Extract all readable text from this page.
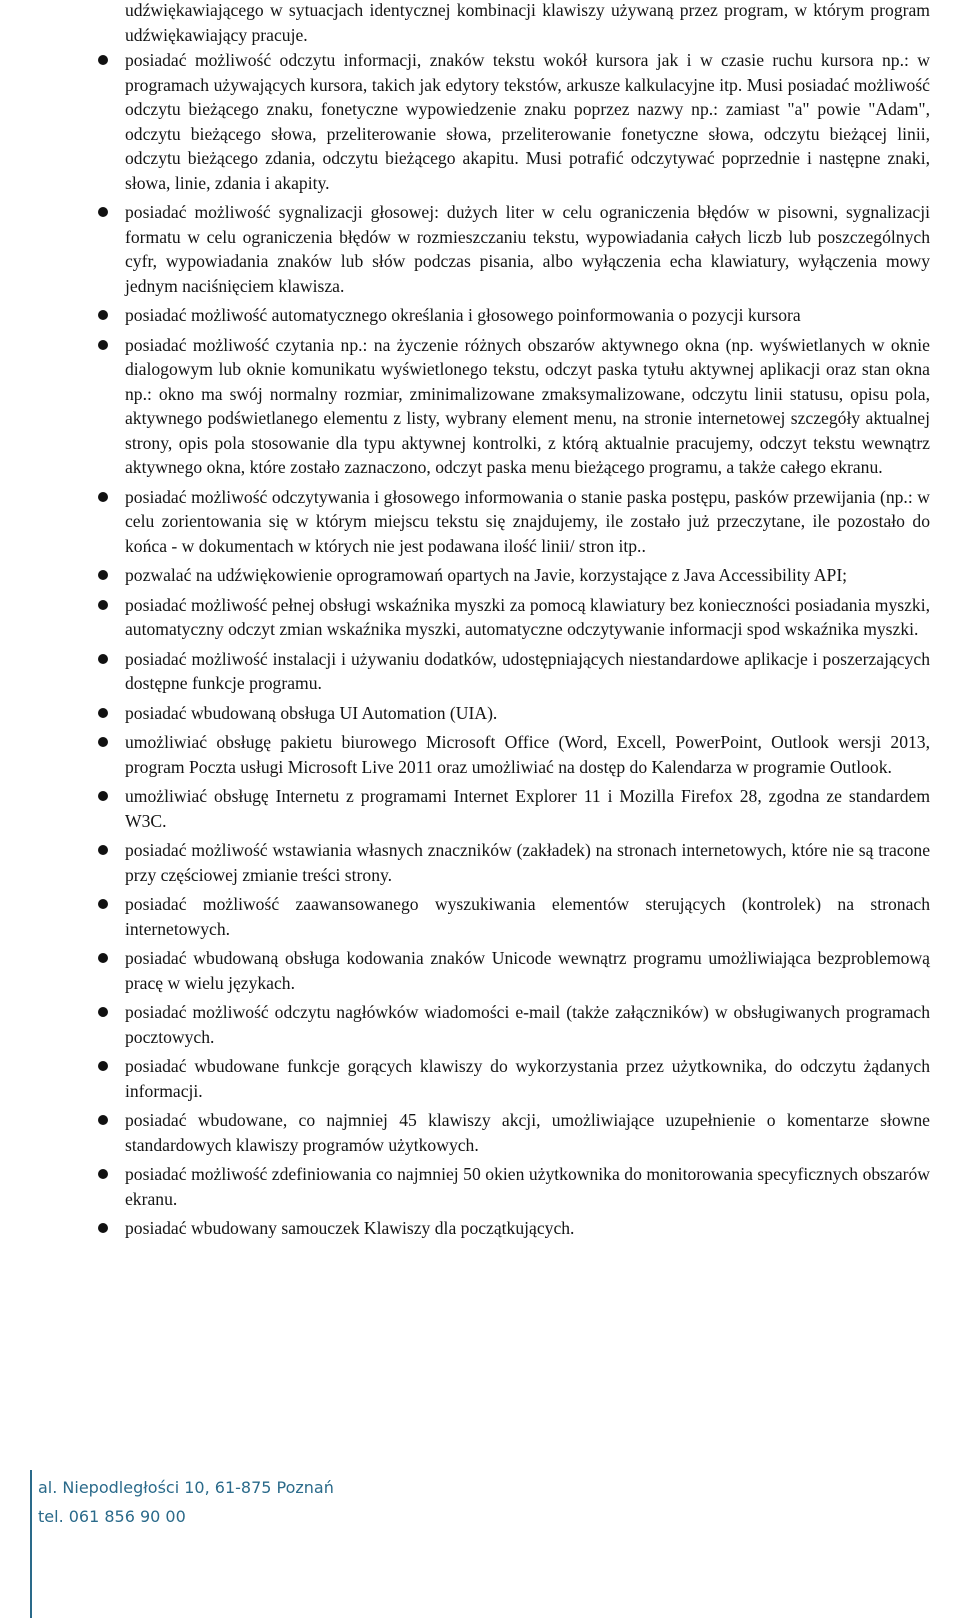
udźwiękawiającego w sytuacjach identycznej kombinacji klawiszy używaną przez program, w którym program udźwiękawiający pracuje.

posiadać możliwość odczytu informacji, znaków tekstu wokół kursora jak i w czasie ruchu kursora np.: w programach używających kursora, takich jak edytory tekstów, arkusze kalkulacyjne itp. Musi posiadać możliwość odczytu bieżącego znaku, fonetyczne wypowiedzenie znaku poprzez nazwy np.: zamiast "a" powie "Adam", odczytu bieżącego słowa, przeliterowanie słowa, przeliterowanie fonetyczne słowa, odczytu bieżącej linii, odczytu bieżącego zdania, odczytu bieżącego akapitu. Musi potrafić odczytywać poprzednie i następne znaki, słowa, linie, zdania i akapity.
posiadać możliwość sygnalizacji głosowej: dużych liter w celu ograniczenia błędów w pisowni, sygnalizacji formatu w celu ograniczenia błędów w rozmieszczaniu tekstu, wypowiadania całych liczb lub poszczególnych cyfr, wypowiadania znaków lub słów podczas pisania, albo wyłączenia echa klawiatury, wyłączenia mowy jednym naciśnięciem klawisza.
posiadać możliwość automatycznego określania i głosowego poinformowania o pozycji kursora
posiadać możliwość czytania np.: na życzenie różnych obszarów aktywnego okna (np. wyświetlanych w oknie dialogowym lub oknie komunikatu wyświetlonego tekstu, odczyt paska tytułu aktywnej aplikacji oraz stan okna np.: okno ma swój normalny rozmiar, zminimalizowane zmaksymalizowane, odczytu linii statusu, opisu pola, aktywnego podświetlanego elementu z listy, wybrany element menu, na stronie internetowej szczegóły aktualnej strony, opis pola stosowanie dla typu aktywnej kontrolki, z którą aktualnie pracujemy, odczyt tekstu wewnątrz aktywnego okna, które zostało zaznaczono, odczyt paska menu bieżącego programu, a także całego ekranu.
posiadać możliwość odczytywania i głosowego informowania o stanie paska postępu, pasków przewijania (np.: w celu zorientowania się w którym miejscu tekstu się znajdujemy, ile zostało już przeczytane, ile pozostało do końca - w dokumentach w których nie jest podawana ilość linii/ stron itp..
pozwalać na udźwiękowienie oprogramowań opartych na Javie, korzystające z Java Accessibility API;
posiadać możliwość pełnej obsługi wskaźnika myszki za pomocą klawiatury bez konieczności posiadania myszki, automatyczny odczyt zmian wskaźnika myszki, automatyczne odczytywanie informacji spod wskaźnika myszki.
posiadać możliwość instalacji i używaniu dodatków, udostępniających niestandardowe aplikacje i poszerzających dostępne funkcje programu.
posiadać wbudowaną obsługa UI Automation (UIA).
umożliwiać obsługę pakietu biurowego Microsoft Office (Word, Excell, PowerPoint, Outlook wersji 2013, program Poczta usługi Microsoft Live 2011 oraz umożliwiać na dostęp do Kalendarza w programie Outlook.
umożliwiać obsługę Internetu z programami Internet Explorer 11 i Mozilla Firefox 28, zgodna ze standardem W3C.
posiadać możliwość wstawiania własnych znaczników (zakładek) na stronach internetowych, które nie są tracone przy częściowej zmianie treści strony.
posiadać możliwość zaawansowanego wyszukiwania elementów sterujących (kontrolek) na stronach internetowych.
posiadać wbudowaną obsługa kodowania znaków Unicode wewnątrz programu umożliwiająca bezproblemową pracę w wielu językach.
posiadać możliwość odczytu nagłówków wiadomości e-mail (także załączników) w obsługiwanych programach pocztowych.
posiadać wbudowane funkcje gorących klawiszy do wykorzystania przez użytkownika, do odczytu żądanych informacji.
posiadać wbudowane, co najmniej 45 klawiszy akcji, umożliwiające uzupełnienie o komentarze słowne standardowych klawiszy programów użytkowych.
posiadać możliwość zdefiniowania co najmniej 50 okien użytkownika do monitorowania specyficznych obszarów ekranu.
posiadać wbudowany samouczek Klawiszy dla początkujących.
al. Niepodległości 10, 61-875 Poznań
tel. 061 856 90 00
